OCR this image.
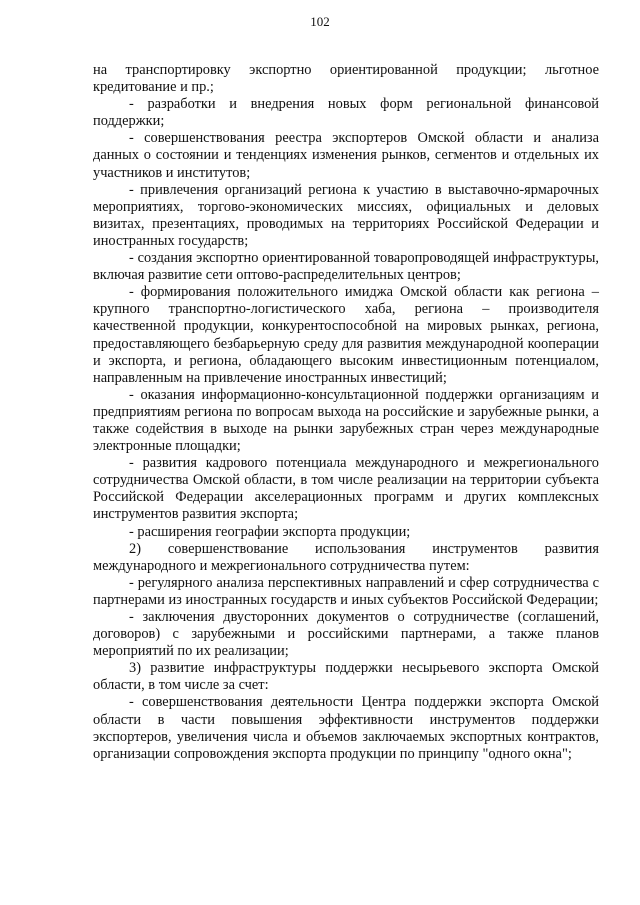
102

на транспортировку экспортно ориентированной продукции; льготное кредитование и пр.;

- разработки и внедрения новых форм региональной финансовой поддержки;

- совершенствования реестра экспортеров Омской области и анализа данных о состоянии и тенденциях изменения рынков, сегментов и отдельных их участников и институтов;

- привлечения организаций региона к участию в выставочно-ярмарочных мероприятиях, торгово-экономических миссиях, официальных и деловых визитах, презентациях, проводимых на территориях Российской Федерации и иностранных государств;

- создания экспортно ориентированной товаропроводящей инфраструктуры, включая развитие сети оптово-распределительных центров;

- формирования положительного имиджа Омской области как региона – крупного транспортно-логистического хаба, региона – производителя качественной продукции, конкурентоспособной на мировых рынках, региона, предоставляющего безбарьерную среду для развития международной кооперации и экспорта, и региона, обладающего высоким инвестиционным потенциалом, направленным на привлечение иностранных инвестиций;

- оказания информационно-консультационной поддержки организациям и предприятиям региона по вопросам выхода на российские и зарубежные рынки, а также содействия в выходе на рынки зарубежных стран через международные электронные площадки;

- развития кадрового потенциала международного и межрегионального сотрудничества Омской области, в том числе реализации на территории субъекта Российской Федерации акселерационных программ и других комплексных инструментов развития экспорта;

- расширения географии экспорта продукции;

2) совершенствование использования инструментов развития международного и межрегионального сотрудничества путем:

- регулярного анализа перспективных направлений и сфер сотрудничества с партнерами из иностранных государств и иных субъектов Российской Федерации;

- заключения двусторонних документов о сотрудничестве (соглашений, договоров) с зарубежными и российскими партнерами, а также планов мероприятий по их реализации;

3) развитие инфраструктуры поддержки несырьевого экспорта Омской области, в том числе за счет:

- совершенствования деятельности Центра поддержки экспорта Омской области в части повышения эффективности инструментов поддержки экспортеров, увеличения числа и объемов заключаемых экспортных контрактов, организации сопровождения экспорта продукции по принципу "одного окна";
